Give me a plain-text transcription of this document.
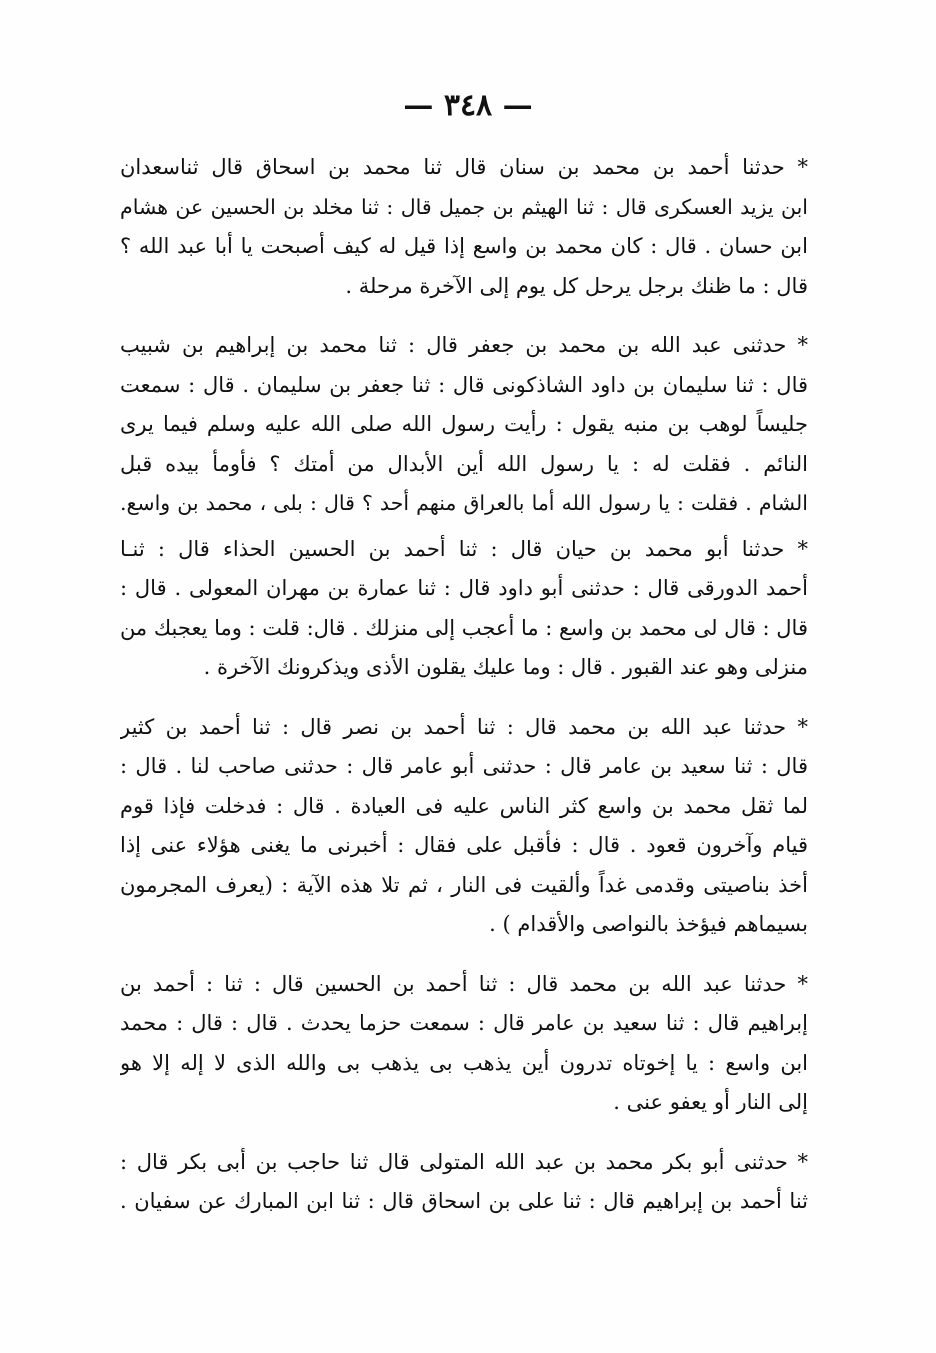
— ٣٤٨ —
* حدثنا أحمد بن محمد بن سنان قال ثنا محمد بن اسحاق قال ثناسعدان
ابن يزيد العسكرى قال : ثنا الهيثم بن جميل قال : ثنا مخلد بن الحسين عن هشام
ابن حسان . قال : كان محمد بن واسع إذا قيل له كيف أصبحت يا أبا عبد الله ؟
قال : ما ظنك برجل يرحل كل يوم إلى الآخرة مرحلة .
* حدثنى عبد الله بن محمد بن جعفر قال : ثنا محمد بن إبراهيم بن شبيب
قال : ثنا سليمان بن داود الشاذكونى قال : ثنا جعفر بن سليمان . قال : سمعت
جليساً لوهب بن منبه يقول : رأيت رسول الله صلى الله عليه وسلم فيما يرى
النائم . فقلت له : يا رسول الله أين الأبدال من أمتك ؟ فأومأ بيده قبل
الشام . فقلت : يا رسول الله أما بالعراق منهم أحد ؟ قال : بلى ، محمد بن واسع.
* حدثنا أبو محمد بن حيان قال : ثنا أحمد بن الحسين الحذاء قال : ثنـا
أحمد الدورقى قال : حدثنى أبو داود قال : ثنا عمارة بن مهران المعولى . قال :
قال : قال لى محمد بن واسع : ما أعجب إلى منزلك . قال: قلت : وما يعجبك من
منزلى وهو عند القبور . قال : وما عليك يقلون الأذى ويذكرونك الآخرة .
* حدثنا عبد الله بن محمد قال : ثنا أحمد بن نصر قال : ثنا أحمد بن كثير
قال : ثنا سعيد بن عامر قال : حدثنى أبو عامر قال : حدثنى صاحب لنا . قال :
لما ثقل محمد بن واسع كثر الناس عليه فى العيادة . قال : فدخلت فإذا قوم
قيام وآخرون قعود . قال : فأقبل على فقال : أخبرنى ما يغنى هؤلاء عنى إذا
أخذ بناصيتى وقدمى غداً وألقيت فى النار ، ثم تلا هذه الآية : (يعرف المجرمون
بسيماهم فيؤخذ بالنواصى والأقدام ) .
* حدثنا عبد الله بن محمد قال : ثنا أحمد بن الحسين قال : ثنا : أحمد بن
إبراهيم قال : ثنا سعيد بن عامر قال : سمعت حزما يحدث . قال : قال : محمد
ابن واسع : يا إخوتاه تدرون أين يذهب بى يذهب بى والله الذى لا إله إلا هو
إلى النار أو يعفو عنى .
* حدثنى أبو بكر محمد بن عبد الله المتولى قال ثنا حاجب بن أبى بكر قال :
ثنا أحمد بن إبراهيم قال : ثنا على بن اسحاق قال : ثنا ابن المبارك عن سفيان .
